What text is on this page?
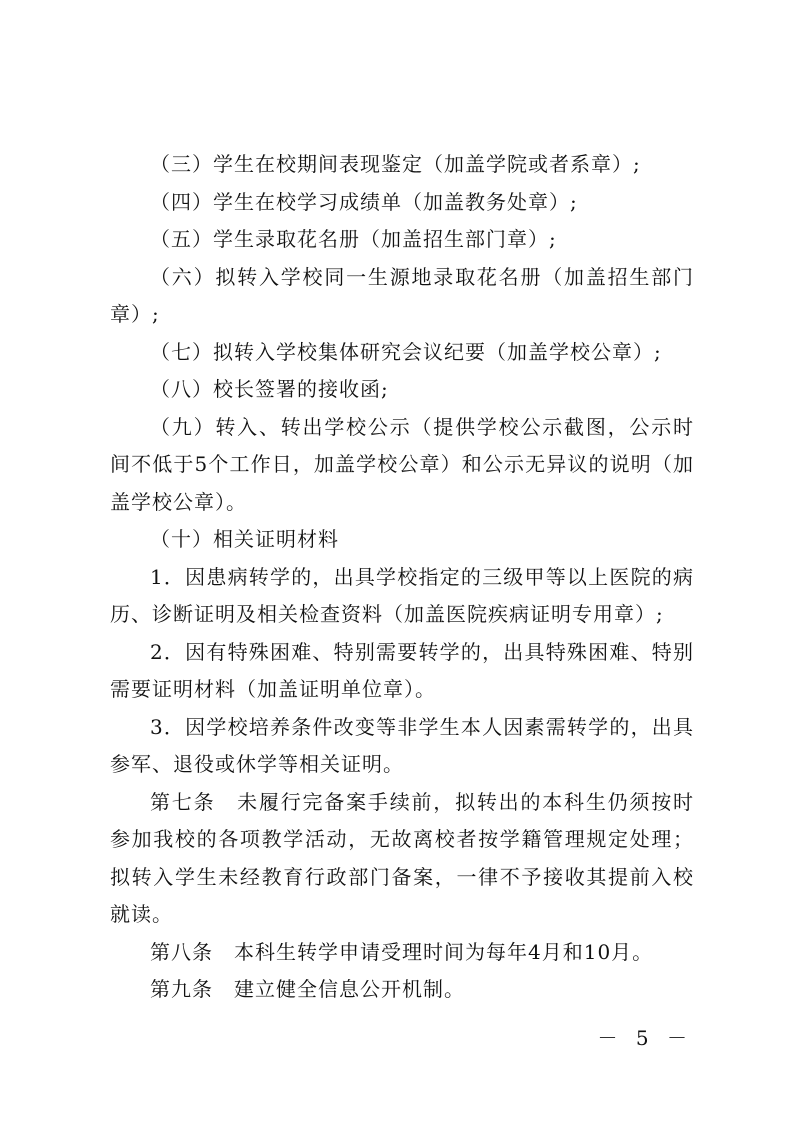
（三）学生在校期间表现鉴定（加盖学院或者系章）;

（四）学生在校学习成绩单（加盖教务处章）;

（五）学生录取花名册（加盖招生部门章）;

（六）拟转入学校同一生源地录取花名册（加盖招生部门章）;

（七）拟转入学校集体研究会议纪要（加盖学校公章）;

（八）校长签署的接收函;

（九）转入、转出学校公示（提供学校公示截图，公示时间不低于5个工作日，加盖学校公章）和公示无异议的说明（加盖学校公章）。

（十）相关证明材料

1．因患病转学的，出具学校指定的三级甲等以上医院的病历、诊断证明及相关检查资料（加盖医院疾病证明专用章）;

2．因有特殊困难、特别需要转学的，出具特殊困难、特别需要证明材料（加盖证明单位章）。

3．因学校培养条件改变等非学生本人因素需转学的，出具参军、退役或休学等相关证明。

第七条　未履行完备案手续前，拟转出的本科生仍须按时参加我校的各项教学活动，无故离校者按学籍管理规定处理；拟转入学生未经教育行政部门备案，一律不予接收其提前入校就读。

第八条　本科生转学申请受理时间为每年4月和10月。

第九条　建立健全信息公开机制。

－ 5 －
